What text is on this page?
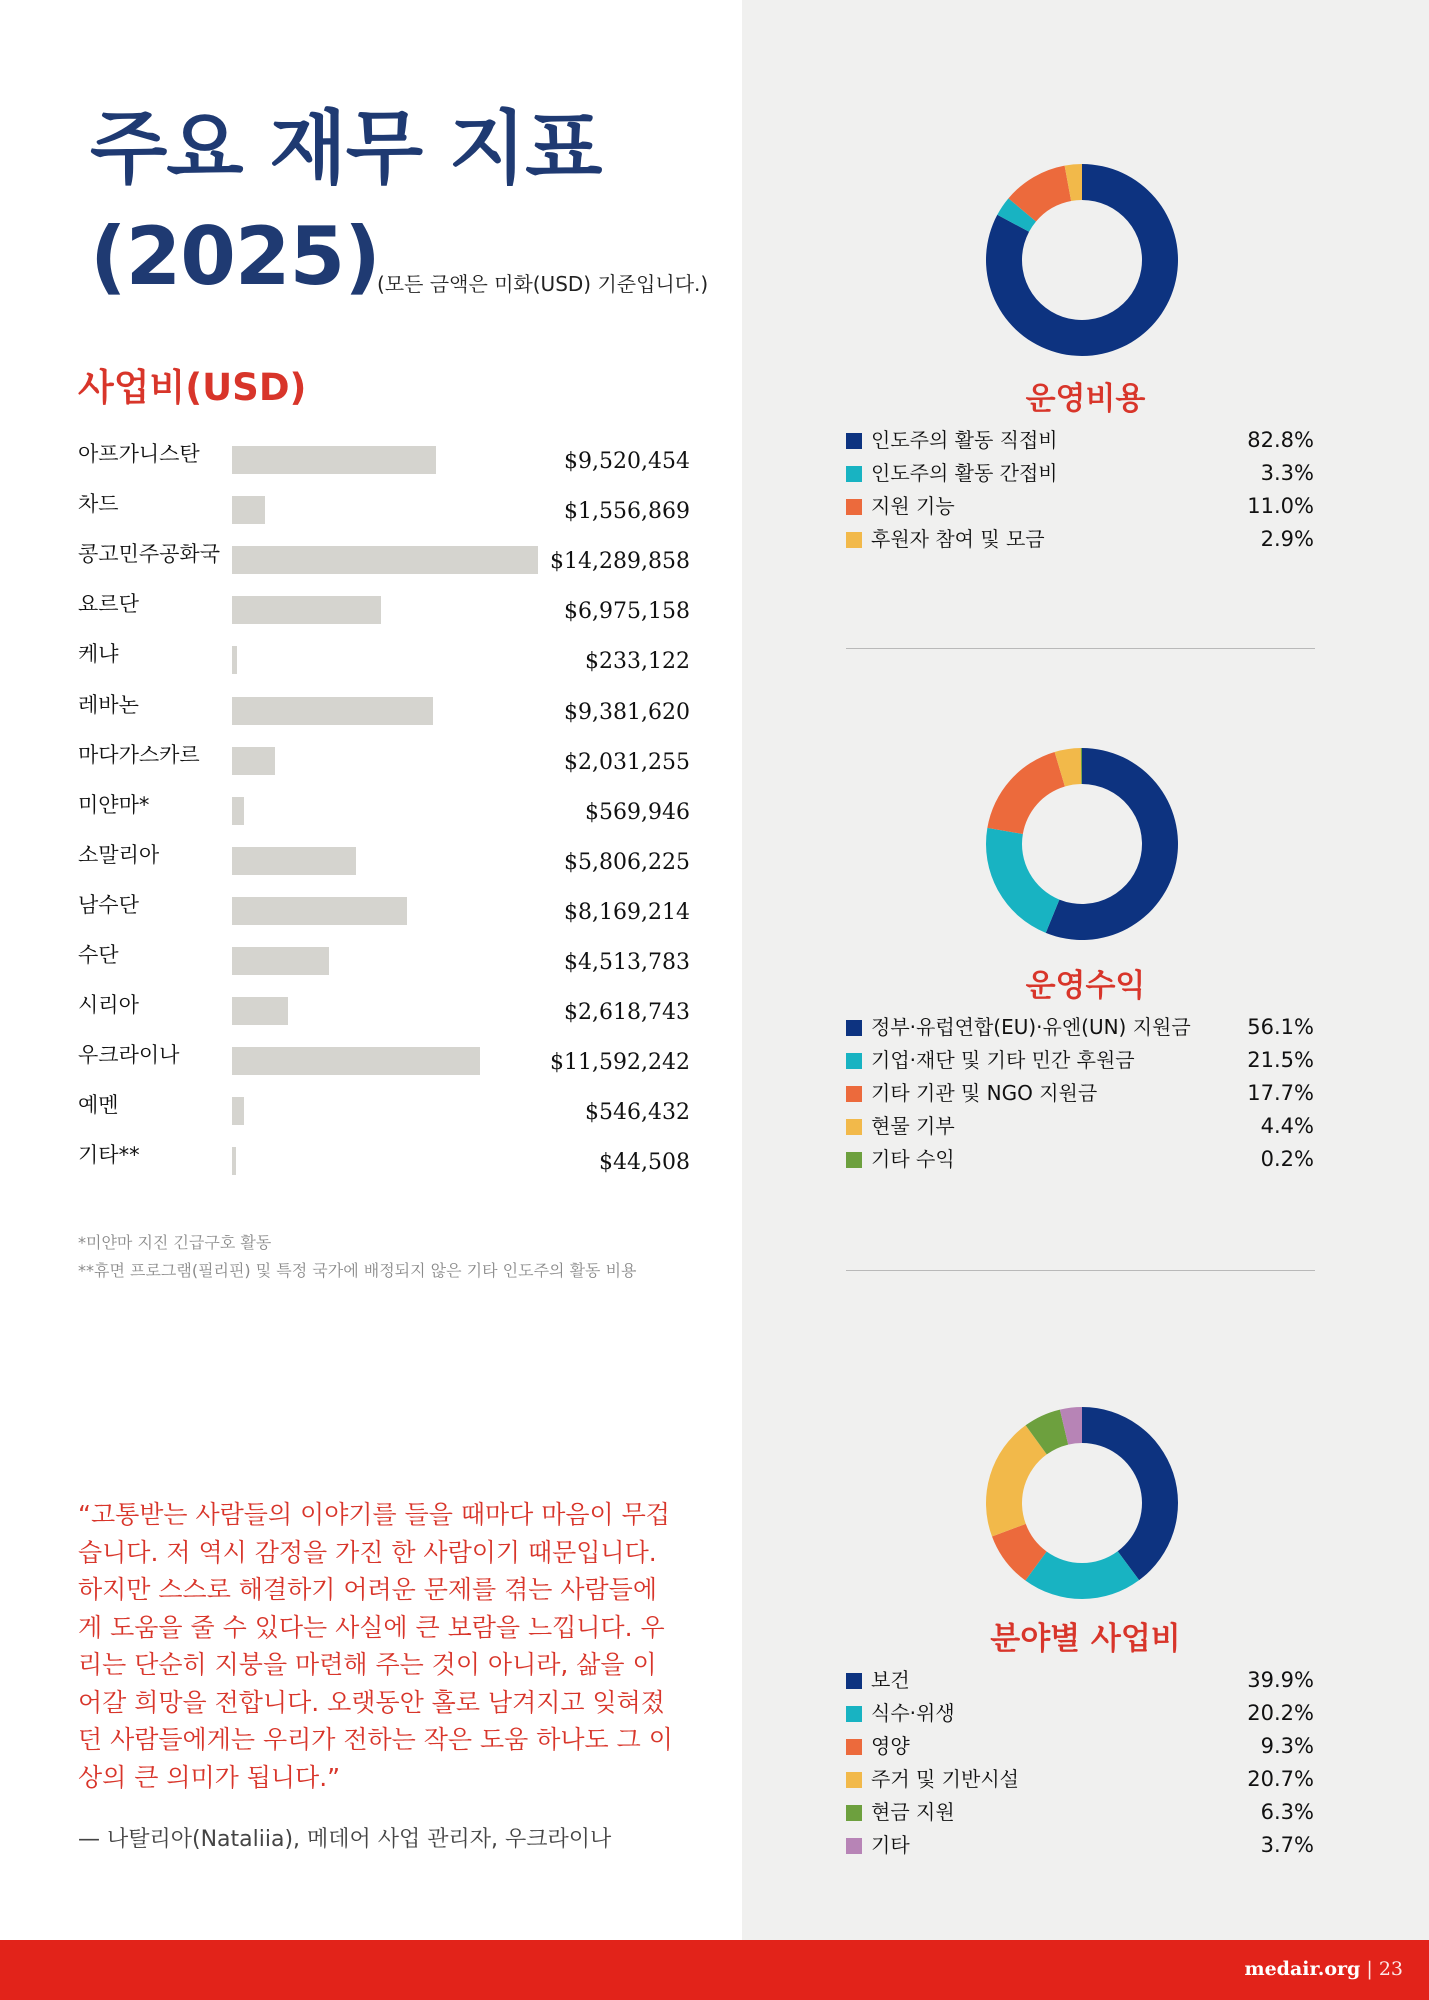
주요 재무 지표
(2025)
(모든 금액은 미화(USD) 기준입니다.)
사업비(USD)
아프가니스탄	$9,520,454
차드	$1,556,869
콩고민주공화국	$14,289,858
요르단	$6,975,158
케냐	$233,122
레바논	$9,381,620
마다가스카르	$2,031,255
미얀마*	$569,946
소말리아	$5,806,225
남수단	$8,169,214
수단	$4,513,783
시리아	$2,618,743
우크라이나	$11,592,242
예멘	$546,432
기타**	$44,508
*미얀마 지진 긴급구호 활동
**휴면 프로그램(필리핀) 및 특정 국가에 배정되지 않은 기타 인도주의 활동 비용

“고통받는 사람들의 이야기를 들을 때마다 마음이 무겁습니다. 저 역시 감정을 가진 한 사람이기 때문입니다. 하지만 스스로 해결하기 어려운 문제를 겪는 사람들에게 도움을 줄 수 있다는 사실에 큰 보람을 느낍니다. 우리는 단순히 지붕을 마련해 주는 것이 아니라, 삶을 이어갈 희망을 전합니다. 오랫동안 홀로 남겨지고 잊혀졌던 사람들에게는 우리가 전하는 작은 도움 하나도 그 이상의 큰 의미가 됩니다.”

— 나탈리아(Nataliia), 메데어 사업 관리자, 우크라이나
운영비용
인도주의 활동 직접비	82.8%
인도주의 활동 간접비	3.3%
지원 기능	11.0%
후원자 참여 및 모금	2.9%
운영수익
정부·유럽연합(EU)·유엔(UN) 지원금	56.1%
기업·재단 및 기타 민간 후원금	21.5%
기타 기관 및 NGO 지원금	17.7%
현물 기부	4.4%
기타 수익	0.2%
분야별 사업비
보건	39.9%
식수·위생	20.2%
영양	9.3%
주거 및 기반시설	20.7%
현금 지원	6.3%
기타	3.7%
medair.org | 23
